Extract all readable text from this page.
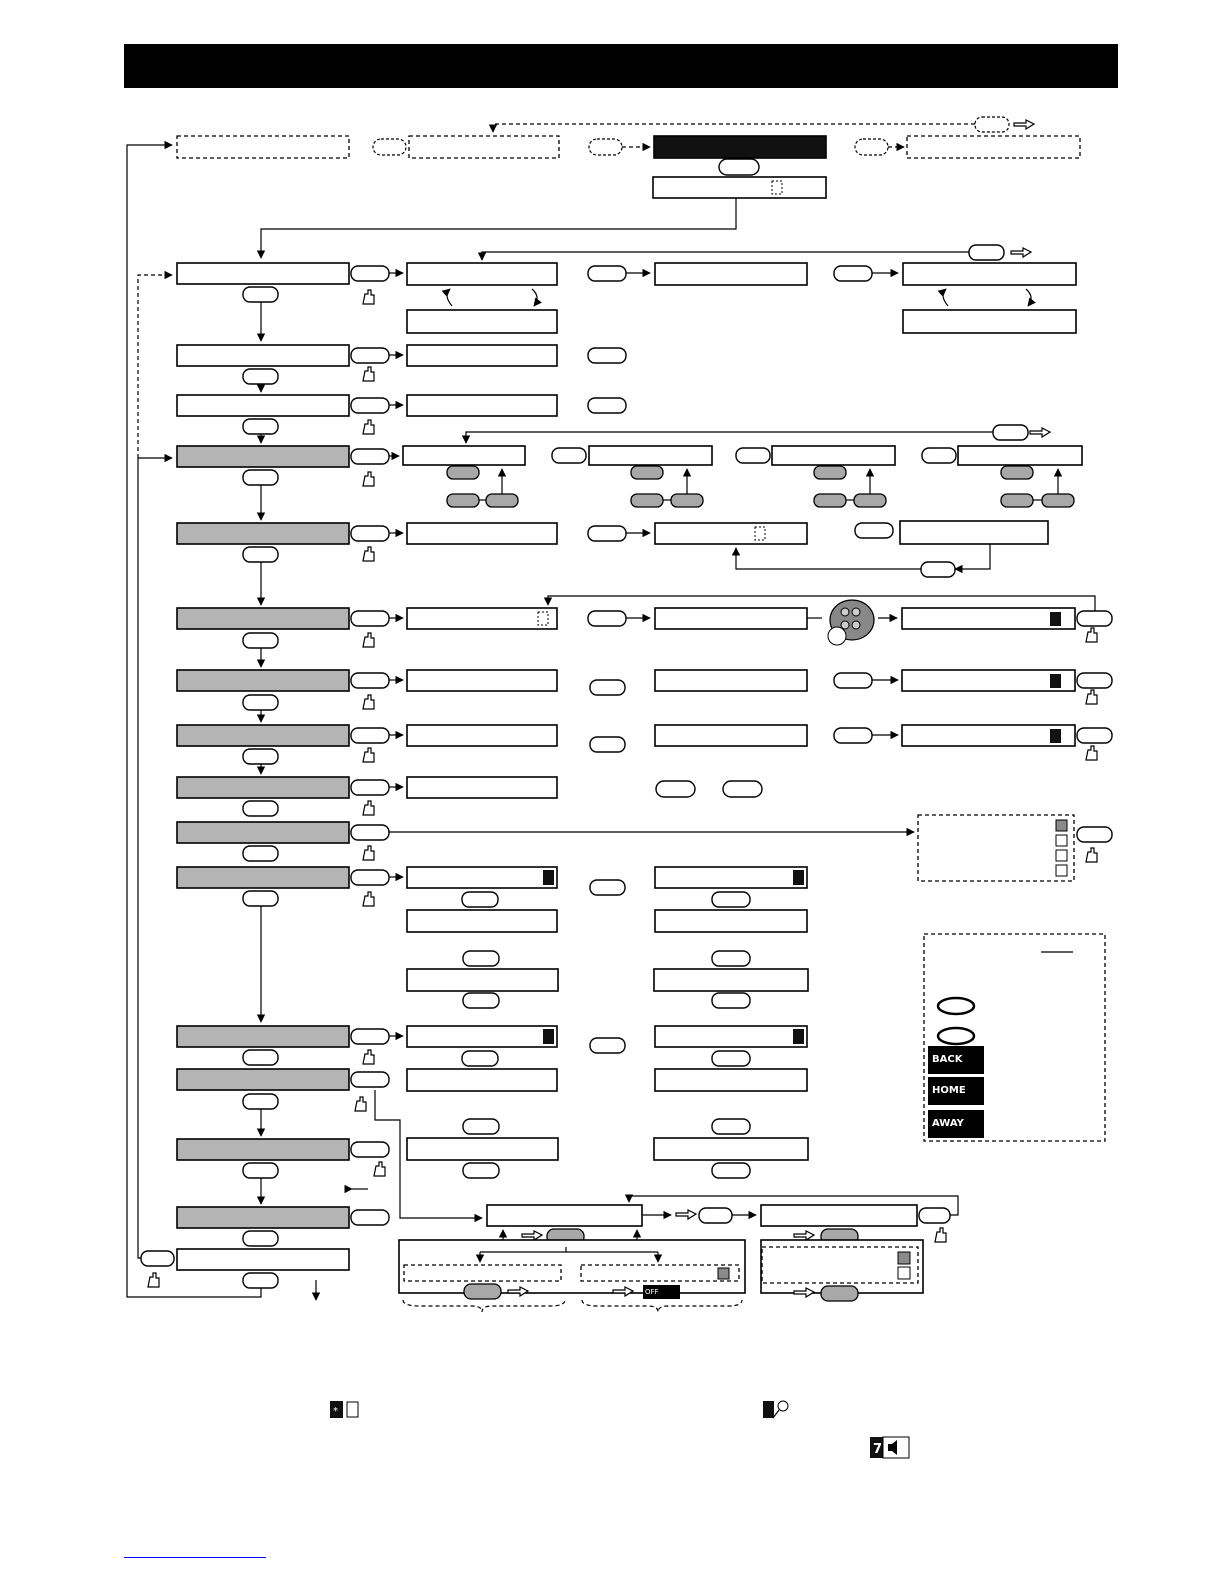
*
7
BACK
HOME
AWAY
OFF
